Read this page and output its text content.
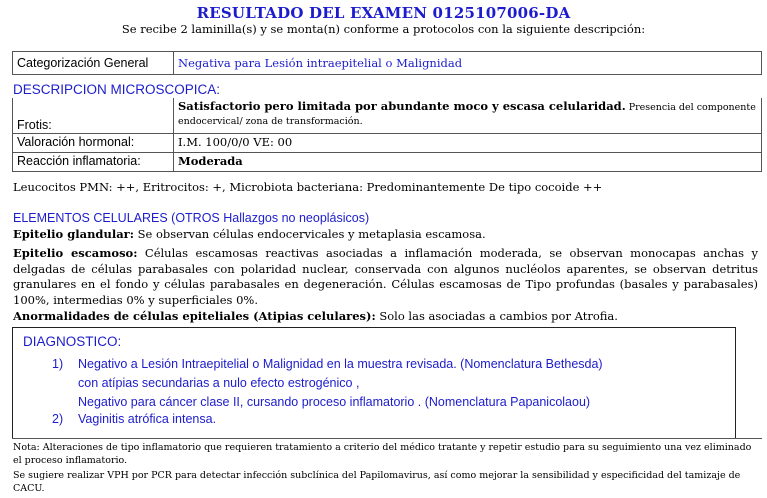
RESULTADO DEL EXAMEN 0125107006-DA
Se recibe 2 laminilla(s) y se monta(n) conforme a protocolos con la siguiente descripción:
Categorización General	Negativa para Lesión intraepitelial o Malignidad
DESCRIPCION MICROSCOPICA:
Frotis:	Satisfactorio pero limitada por abundante moco y escasa celularidad. Presencia del componente endocervical/ zona de transformación.
Valoración hormonal:	I.M. 100/0/0 VE: 00
Reacción inflamatoria:	Moderada
Leucocitos PMN: ++, Eritrocitos: +, Microbiota bacteriana: Predominantemente De tipo cocoide ++
ELEMENTOS CELULARES (OTROS Hallazgos no neoplásicos)
Epitelio glandular: Se observan células endocervicales y metaplasia escamosa.
Epitelio escamoso: Células escamosas reactivas asociadas a inflamación moderada, se observan monocapas anchas y delgadas de células parabasales con polaridad nuclear, conservada con algunos nucléolos aparentes, se observan detritus granulares en el fondo y células parabasales en degeneración. Células escamosas de Tipo profundas (basales y parabasales) 100%, intermedias 0% y superficiales 0%.
Anormalidades de células epiteliales (Atipias celulares): Solo las asociadas a cambios por Atrofia.
DIAGNOSTICO:
1) Negativo a Lesión Intraepitelial o Malignidad en la muestra revisada. (Nomenclatura Bethesda)
con atípias secundarias a nulo efecto estrogénico ,
Negativo para cáncer clase II, cursando proceso inflamatorio . (Nomenclatura Papanicolaou)
2) Vaginitis atrófica intensa.
Nota: Alteraciones de tipo inflamatorio que requieren tratamiento a criterio del médico tratante y repetir estudio para su seguimiento una vez eliminado el proceso inflamatorio.
Se sugiere realizar VPH por PCR para detectar infección subclínica del Papilomavirus, así como mejorar la sensibilidad y especificidad del tamizaje de CACU.
